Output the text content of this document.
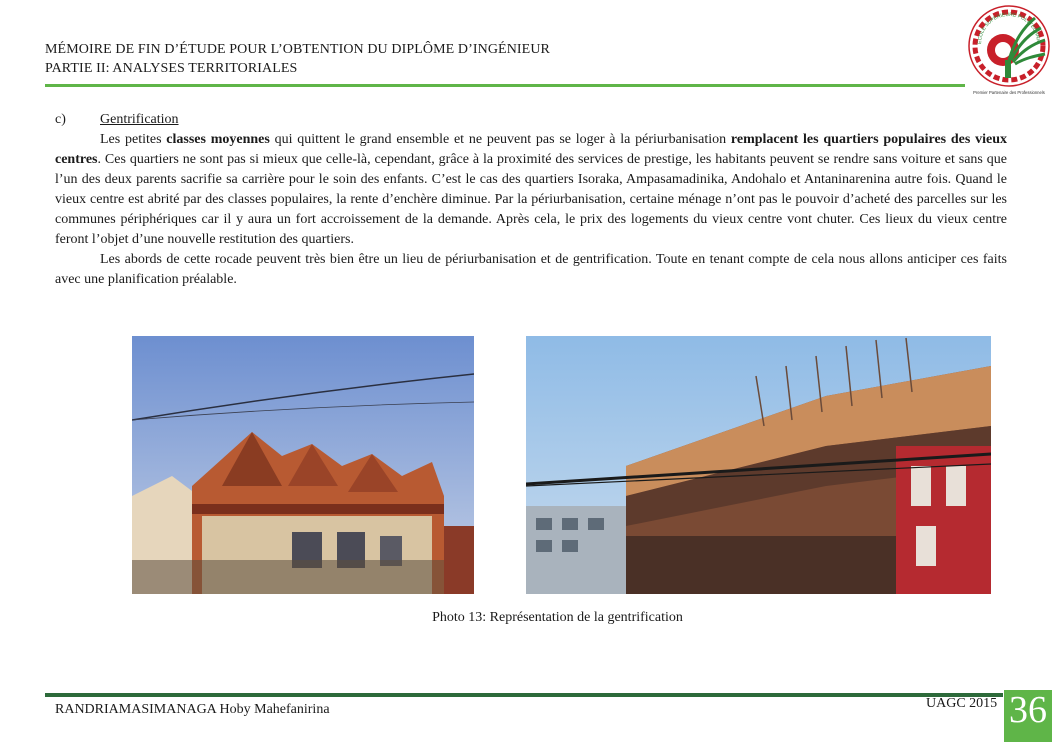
MÉMOIRE DE FIN D’ÉTUDE POUR L’OBTENTION DU DIPLÔME D’INGÉNIEUR
PARTIE II: ANALYSES TERRITORIALES
ECOLE SUPERIEURE POLYTECHNIQ
Premier Partenaire des Professionnels
c) Gentrification

Les petites classes moyennes qui quittent le grand ensemble et ne peuvent pas se loger à la périurbanisation remplacent les quartiers populaires des vieux centres. Ces quartiers ne sont pas si mieux que celle-là, cependant, grâce à la proximité des services de prestige, les habitants peuvent se rendre sans voiture et sans que l’un des deux parents sacrifie sa carrière pour le soin des enfants. C’est le cas des quartiers Isoraka, Ampasamadinika, Andohalo et Antaninarenina autre fois. Quand le vieux centre est abrité par des classes populaires, la rente d’enchère diminue. Par la périurbanisation, certaine ménage n’ont pas le pouvoir d’acheté des parcelles sur les communes périphériques car il y aura un fort accroissement de la demande. Après cela, le prix des logements du vieux centre vont chuter. Ces lieux du vieux centre feront l’objet d’une nouvelle restitution des quartiers.

Les abords de cette rocade peuvent très bien être un lieu de périurbanisation et de gentrification. Toute en tenant compte de cela nous allons anticiper ces faits avec une planification préalable.

Photo 13: Représentation de la gentrification
RANDRIAMASIMANAGA Hoby Mahefanirina	UAGC 2015 36
